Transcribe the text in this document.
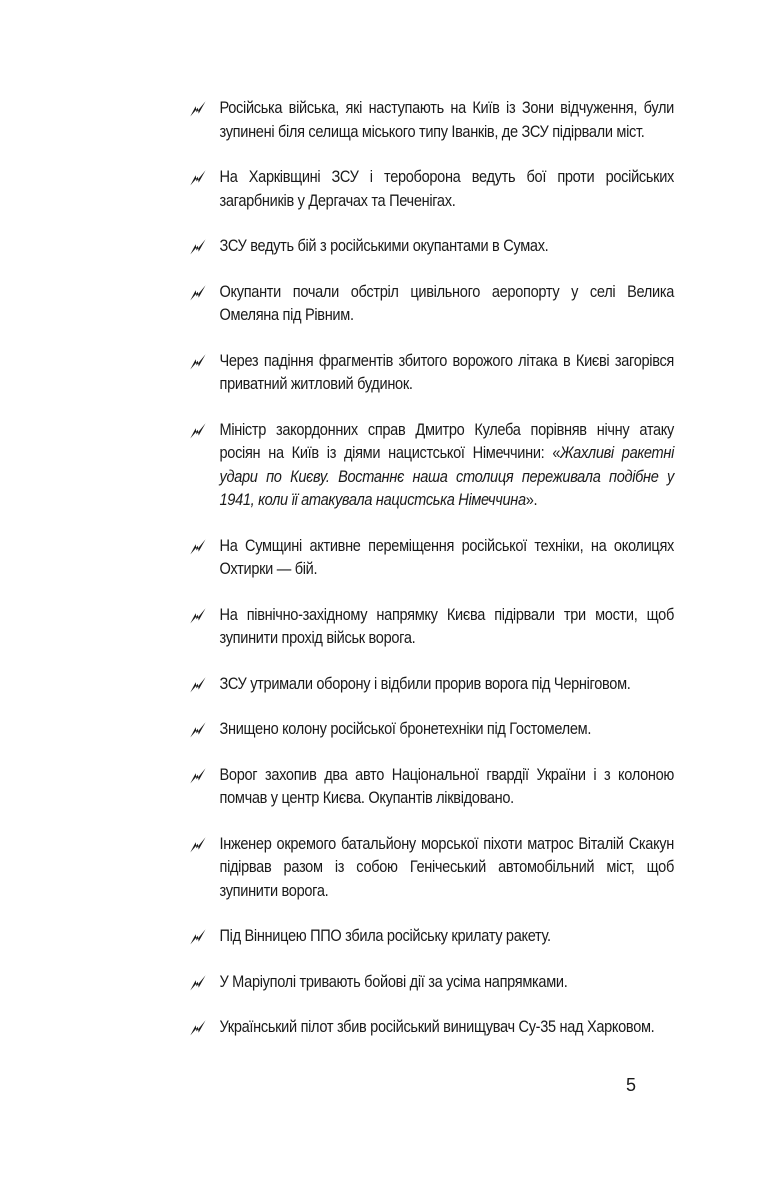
Російська війська, які наступають на Київ із Зони відчуження, були зупинені біля селища міського типу Іванків, де ЗСУ підірвали міст.
На Харківщині ЗСУ і тероборона ведуть бої проти російських загарбників у Дергачах та Печенігах.
ЗСУ ведуть бій з російськими окупантами в Сумах.
Окупанти почали обстріл цивільного аеропорту у селі Велика Омеляна під Рівним.
Через падіння фрагментів збитого ворожого літака в Києві загорівся приватний житловий будинок.
Міністр закордонних справ Дмитро Кулеба порівняв нічну атаку росіян на Київ із діями нацистської Німеччини: «Жахливі ракетні удари по Києву. Востаннє наша столиця переживала подібне у 1941, коли її атакувала нацистська Німеччина».
На Сумщині активне переміщення російської техніки, на околицях Охтирки — бій.
На північно-західному напрямку Києва підірвали три мости, щоб зупинити прохід військ ворога.
ЗСУ утримали оборону і відбили прорив ворога під Черніговом.
Знищено колону російської бронетехніки під Гостомелем.
Ворог захопив два авто Національної гвардії України і з колоною помчав у центр Києва. Окупантів ліквідовано.
Інженер окремого батальйону морської піхоти матрос Віталій Скакун підірвав разом із собою Генічеський автомобільний міст, щоб зупинити ворога.
Під Вінницею ППО збила російську крилату ракету.
У Маріуполі тривають бойові дії за усіма напрямками.
Український пілот збив російський винищувач Су-35 над Харковом.
5
